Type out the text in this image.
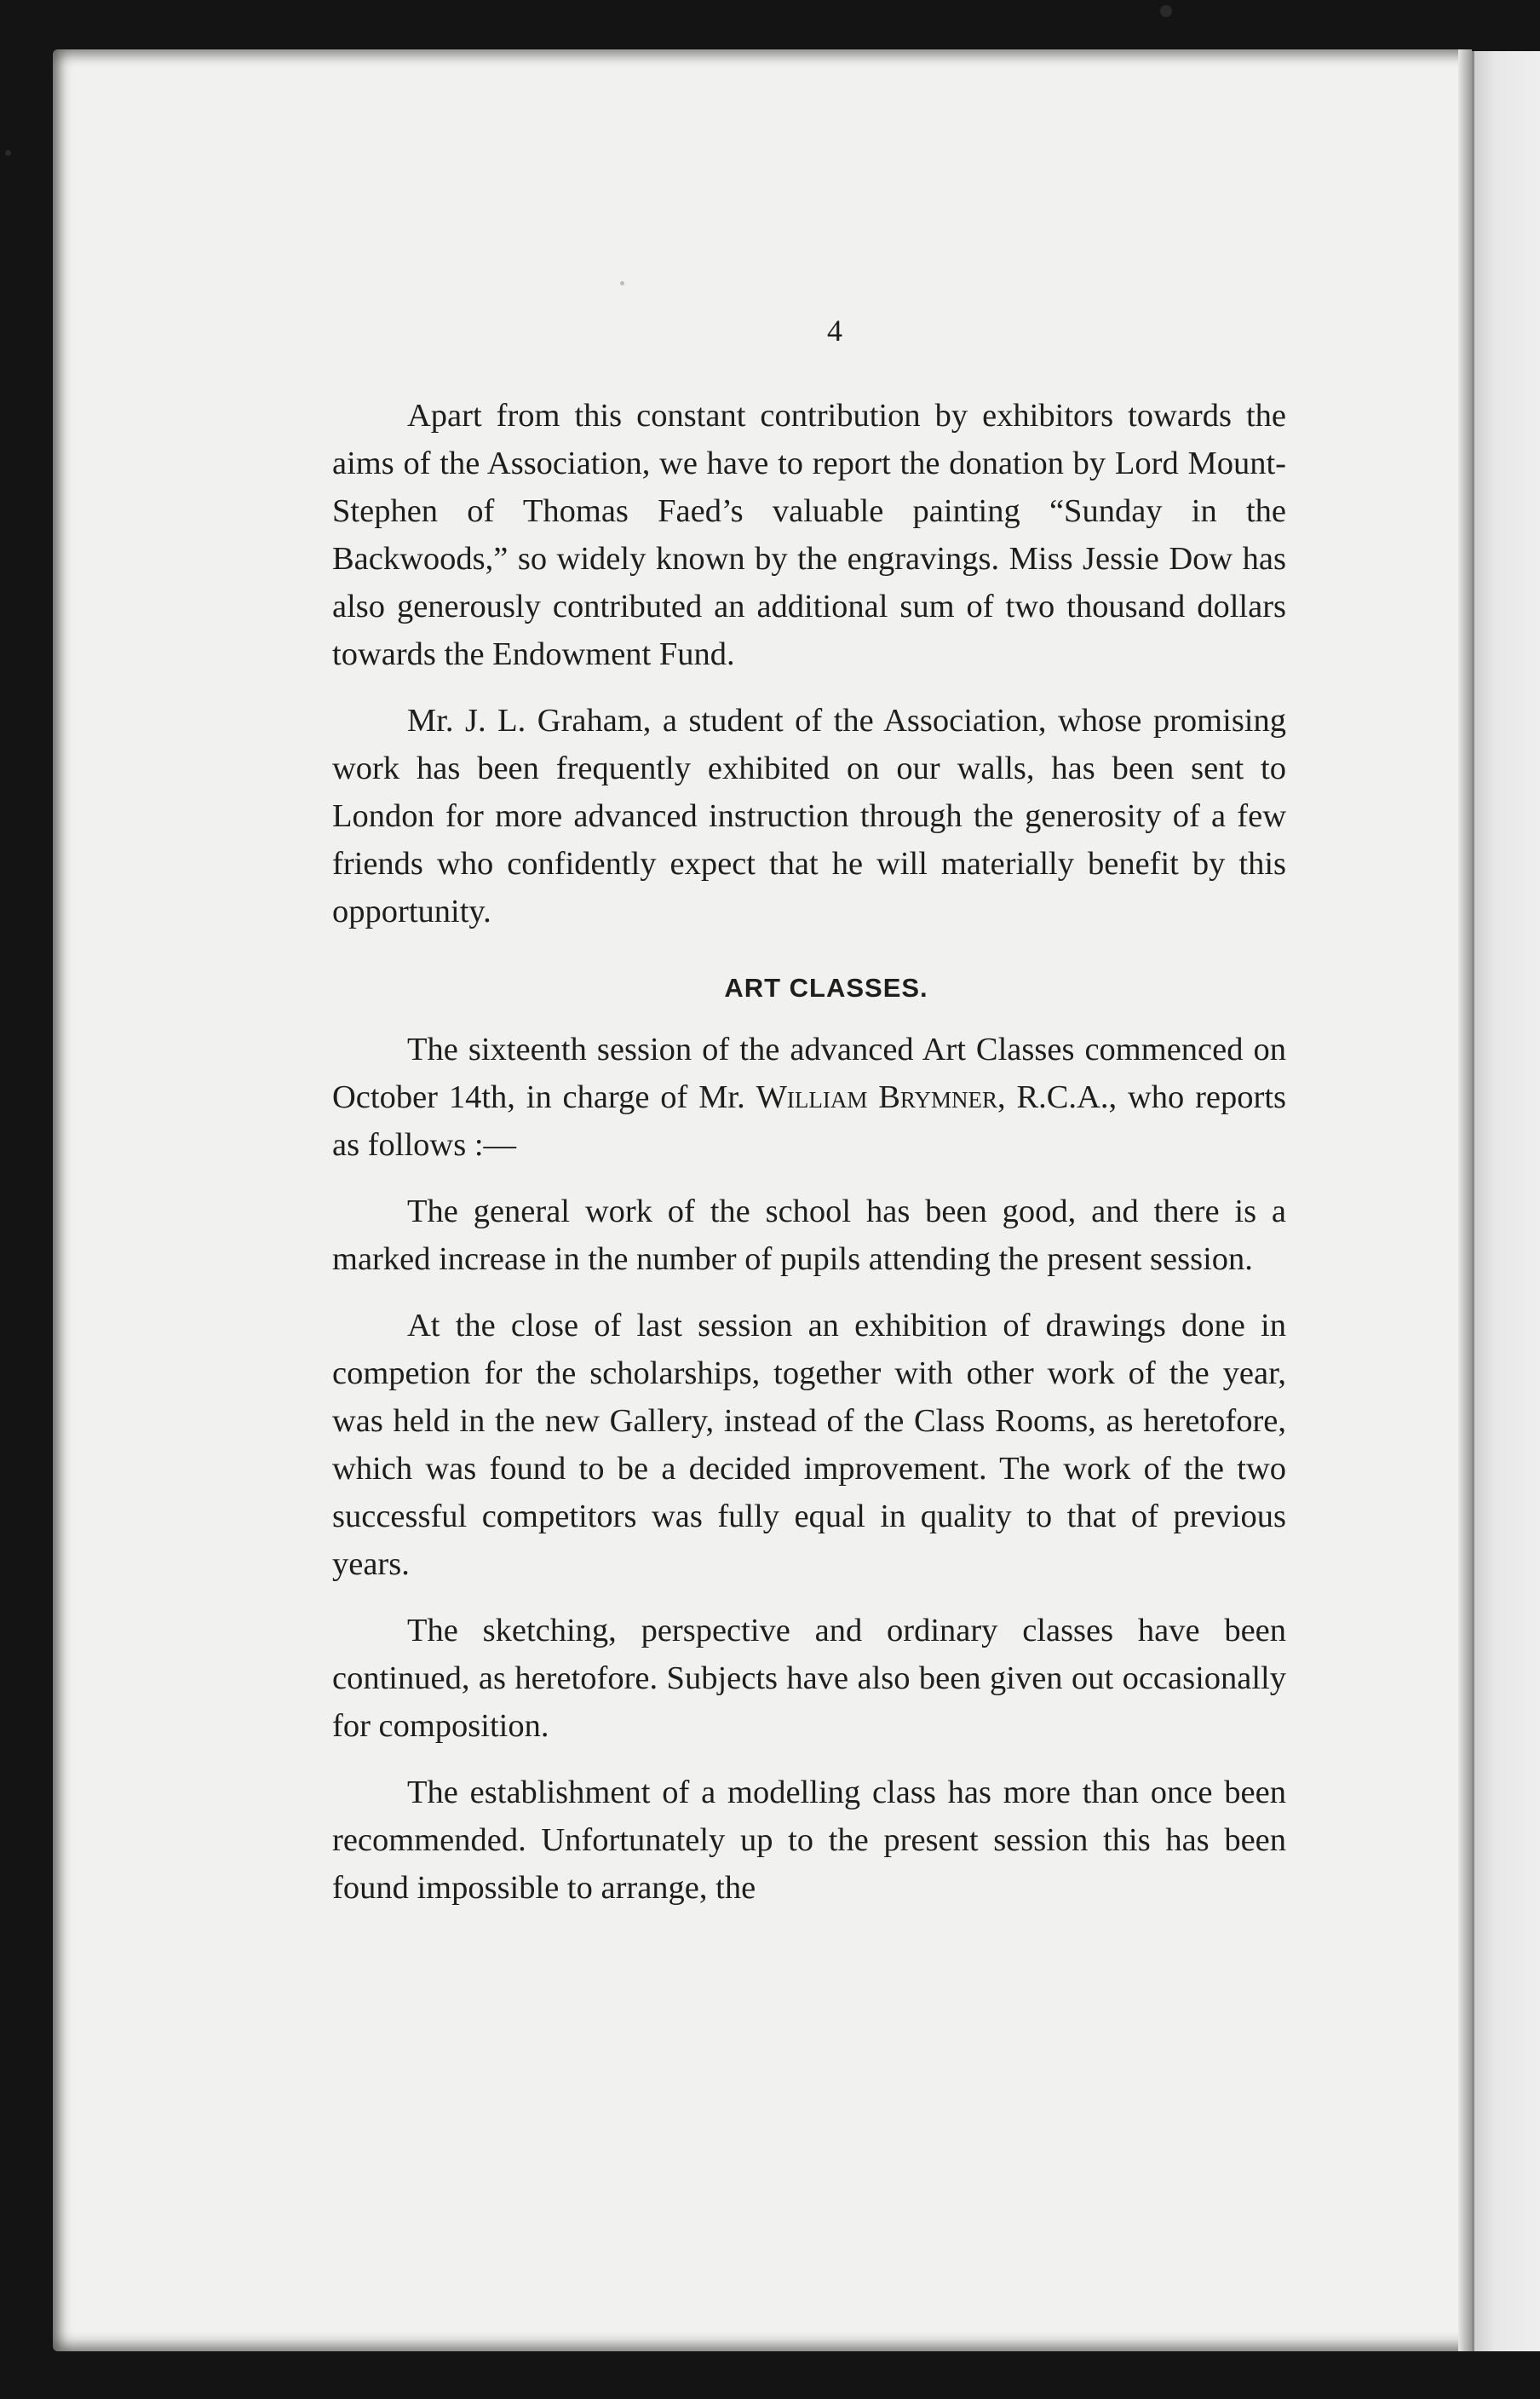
4

Apart from this constant contribution by exhibitors towards the aims of the Association, we have to report the donation by Lord Mount-Stephen of Thomas Faed’s valuable painting “Sunday in the Backwoods,” so widely known by the engravings. Miss Jessie Dow has also generously contributed an additional sum of two thousand dollars towards the Endowment Fund.

Mr. J. L. Graham, a student of the Association, whose promising work has been frequently exhibited on our walls, has been sent to London for more advanced instruction through the generosity of a few friends who confidently expect that he will materially benefit by this opportunity.

ART CLASSES.

The sixteenth session of the advanced Art Classes commenced on October 14th, in charge of Mr. William Brymner, R.C.A., who reports as follows :—

The general work of the school has been good, and there is a marked increase in the number of pupils attending the present session.

At the close of last session an exhibition of drawings done in competion for the scholarships, together with other work of the year, was held in the new Gallery, instead of the Class Rooms, as heretofore, which was found to be a decided improvement. The work of the two successful competitors was fully equal in quality to that of previous years.

The sketching, perspective and ordinary classes have been continued, as heretofore. Subjects have also been given out occasionally for composition.

The establishment of a modelling class has more than once been recommended. Unfortunately up to the present session this has been found impossible to arrange, the
